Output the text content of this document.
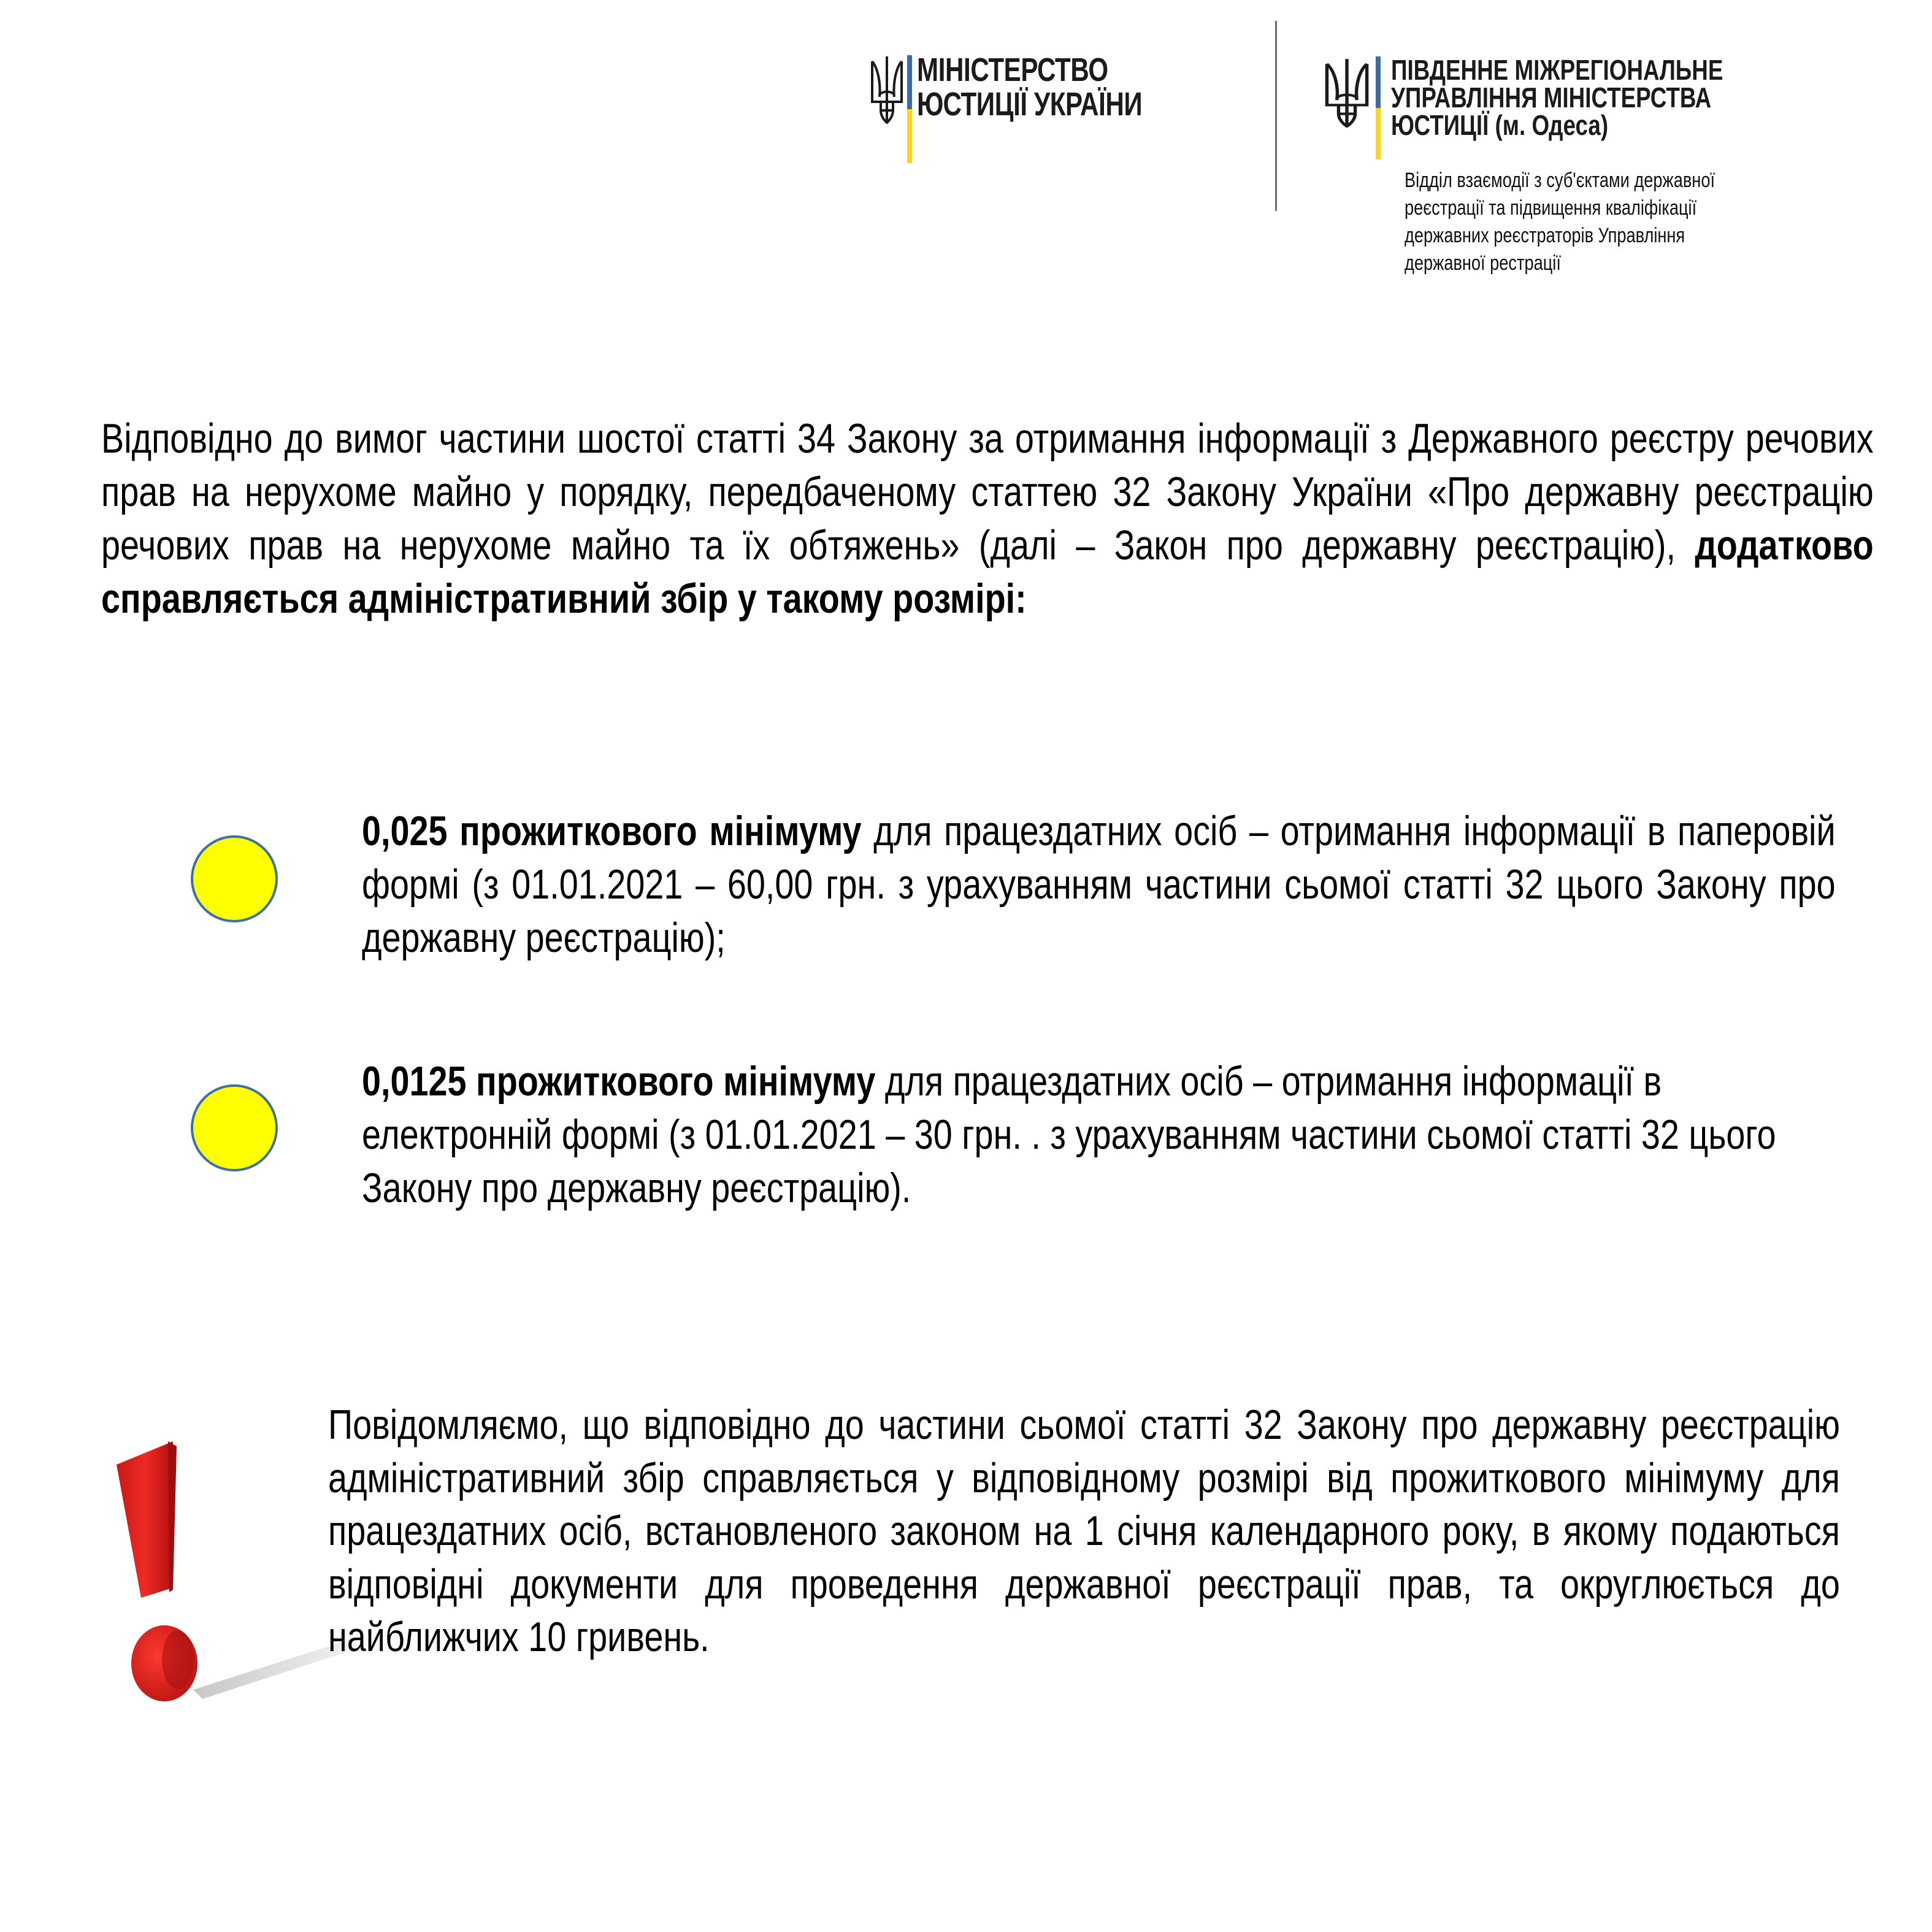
МІНІСТЕРСТВО
ЮСТИЦІЇ УКРАЇНИ
ПІВДЕННЕ МІЖРЕГІОНАЛЬНЕ
УПРАВЛІННЯ МІНІСТЕРСТВА
ЮСТИЦІЇ (м. Одеса)
Відділ взаємодії з суб'єктами державної
реєстрації та підвищення кваліфікації
державних реєстраторів Управління
державної рестрації
Відповідно до вимог частини шостої статті 34 Закону за отримання інформації з Державного реєстру речових прав на нерухоме майно у порядку, передбаченому статтею 32 Закону України «Про державну реєстрацію речових прав на нерухоме майно та їх обтяжень» (далі – Закон про державну реєстрацію), додатково справляється адміністративний збір у такому розмірі:
0,025 прожиткового мінімуму для працездатних осіб – отримання інформації в паперовій формі (з 01.01.2021 – 60,00 грн. з урахуванням частини сьомої статті 32 цього Закону про державну реєстрацію);
0,0125 прожиткового мінімуму для працездатних осіб – отримання інформації в електронній формі (з 01.01.2021 – 30 грн. . з урахуванням частини сьомої статті 32 цього Закону про державну реєстрацію).
Повідомляємо, що відповідно до частини сьомої статті 32 Закону про державну реєстрацію адміністративний збір справляється у відповідному розмірі від прожиткового мінімуму для працездатних осіб, встановленого законом на 1 січня календарного року, в якому подаються відповідні документи для проведення державної реєстрації прав, та округлюється до найближчих 10 гривень.
